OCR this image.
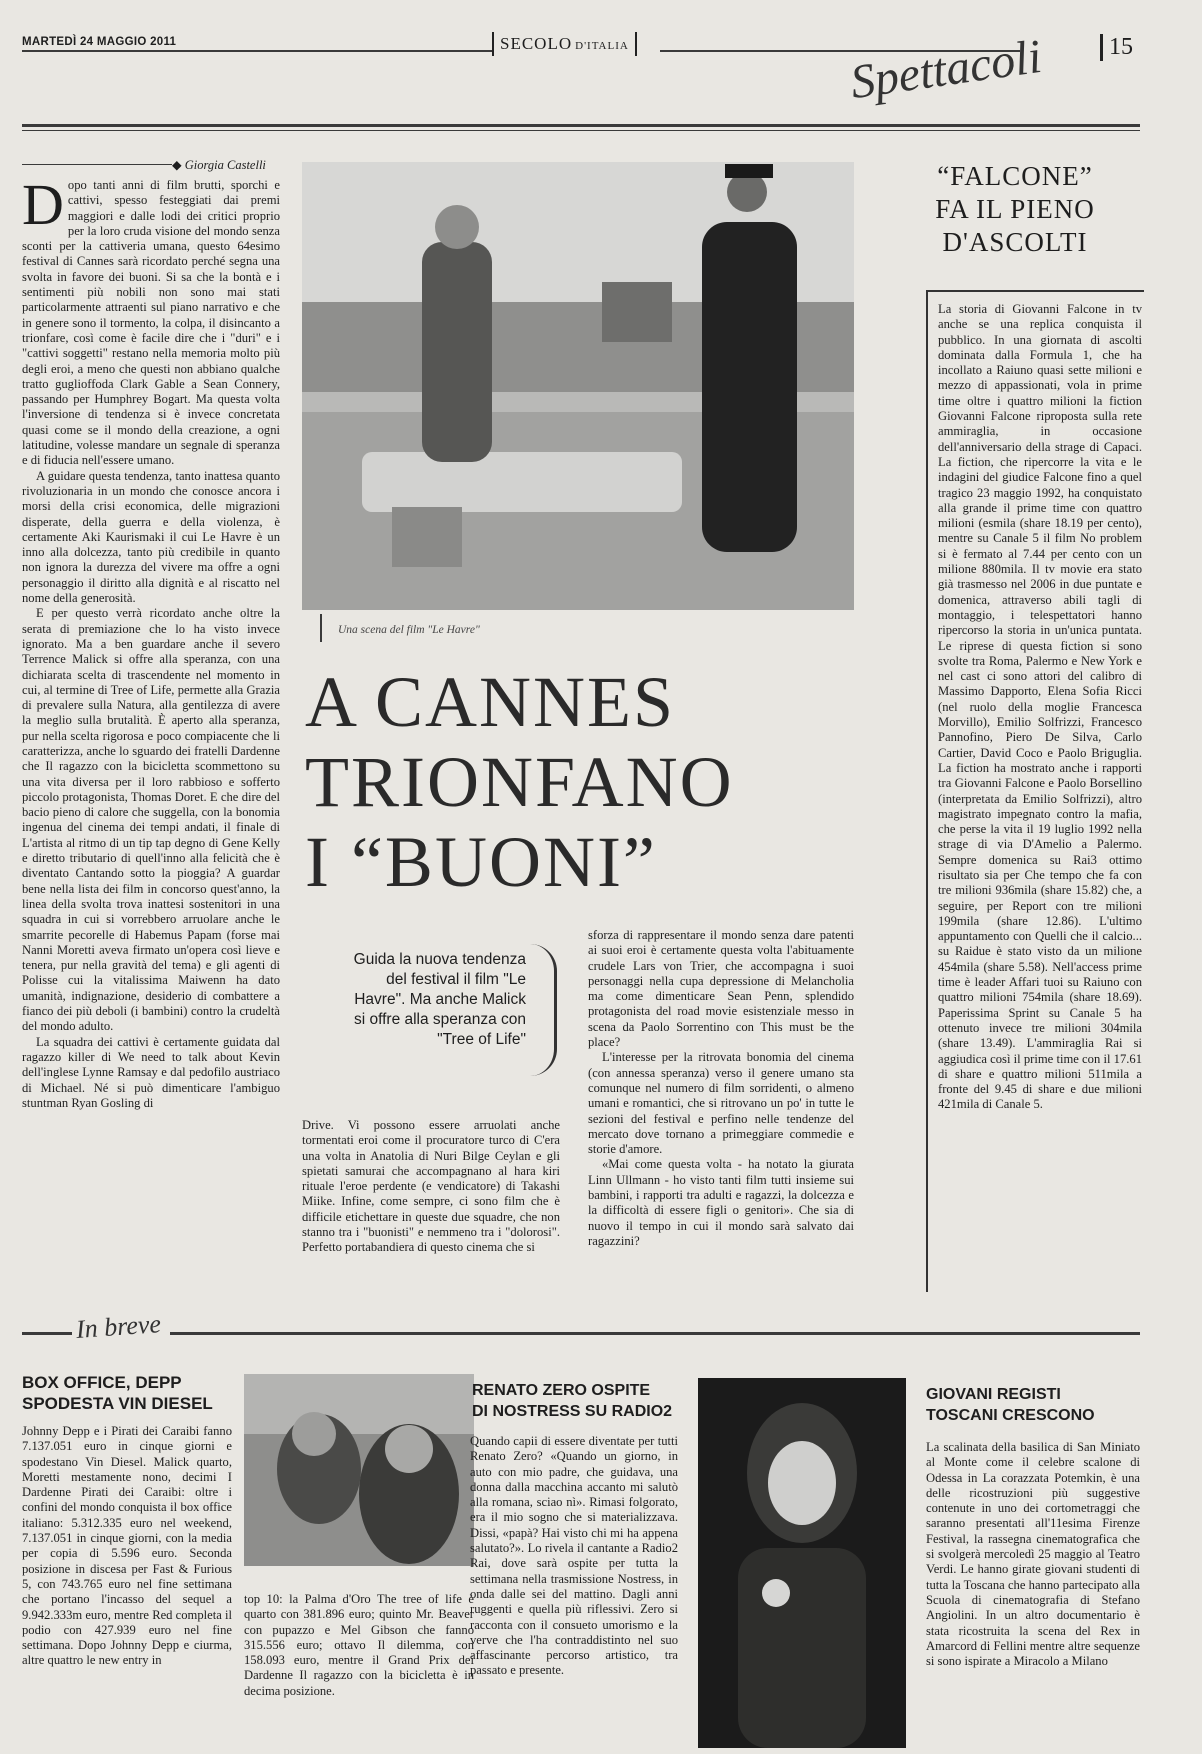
MARTEDÌ 24 MAGGIO 2011	SECOLO D'ITALIA	Spettacoli	15
◆ Giorgia Castelli

Dopo tanti anni di film brutti, sporchi e cattivi, spesso festeggiati dai premi maggiori e dalle lodi dei critici proprio per la loro cruda visione del mondo senza sconti per la cattiveria umana, questo 64esimo festival di Cannes sarà ricordato perché segna una svolta in favore dei buoni. Si sa che la bontà e i sentimenti più nobili non sono mai stati particolarmente attraenti sul piano narrativo e che in genere sono il tormento, la colpa, il disincanto a trionfare, così come è facile dire che i "duri" e i "cattivi soggetti" restano nella memoria molto più degli eroi, a meno che questi non abbiano qualche tratto guglioffoda Clark Gable a Sean Connery, passando per Humphrey Bogart. Ma questa volta l'inversione di tendenza si è invece concretata quasi come se il mondo della creazione, a ogni latitudine, volesse mandare un segnale di speranza e di fiducia nell'essere umano.

A guidare questa tendenza, tanto inattesa quanto rivoluzionaria in un mondo che conosce ancora i morsi della crisi economica, delle migrazioni disperate, della guerra e della violenza, è certamente Aki Kaurismaki il cui Le Havre è un inno alla dolcezza, tanto più credibile in quanto non ignora la durezza del vivere ma offre a ogni personaggio il diritto alla dignità e al riscatto nel nome della generosità.

E per questo verrà ricordato anche oltre la serata di premiazione che lo ha visto invece ignorato. Ma a ben guardare anche il severo Terrence Malick si offre alla speranza, con una dichiarata scelta di trascendente nel momento in cui, al termine di Tree of Life, permette alla Grazia di prevalere sulla Natura, alla gentilezza di avere la meglio sulla brutalità. È aperto alla speranza, pur nella scelta rigorosa e poco compiacente che li caratterizza, anche lo sguardo dei fratelli Dardenne che Il ragazzo con la bicicletta scommettono su una vita diversa per il loro rabbioso e sofferto piccolo protagonista, Thomas Doret. E che dire del bacio pieno di calore che suggella, con la bonomia ingenua del cinema dei tempi andati, il finale di L'artista al ritmo di un tip tap degno di Gene Kelly e diretto tributario di quell'inno alla felicità che è diventato Cantando sotto la pioggia? A guardar bene nella lista dei film in concorso quest'anno, la linea della svolta trova inattesi sostenitori in una squadra in cui si vorrebbero arruolare anche le smarrite pecorelle di Habemus Papam (forse mai Nanni Moretti aveva firmato un'opera così lieve e tenera, pur nella gravità del tema) e gli agenti di Polisse cui la vitalissima Maiwenn ha dato umanità, indignazione, desiderio di combattere a fianco dei più deboli (i bambini) contro la crudeltà del mondo adulto.

La squadra dei cattivi è certamente guidata dal ragazzo killer di We need to talk about Kevin dell'inglese Lynne Ramsay e dal pedofilo austriaco di Michael. Né si può dimenticare l'ambiguo stuntman Ryan Gosling di

Una scena del film "Le Havre"
A CANNES
TRIONFANO
I “BUONI”
Guida la nuova tendenza del festival il film "Le Havre". Ma anche Malick si offre alla speranza con "Tree of Life"

Drive. Vi possono essere arruolati anche tormentati eroi come il procuratore turco di C'era una volta in Anatolia di Nuri Bilge Ceylan e gli spietati samurai che accompagnano al hara kiri rituale l'eroe perdente (e vendicatore) di Takashi Miike. Infine, come sempre, ci sono film che è difficile etichettare in queste due squadre, che non stanno tra i "buonisti" e nemmeno tra i "dolorosi". Perfetto portabandiera di questo cinema che si

sforza di rappresentare il mondo senza dare patenti ai suoi eroi è certamente questa volta l'abituamente crudele Lars von Trier, che accompagna i suoi personaggi nella cupa depressione di Melancholia ma come dimenticare Sean Penn, splendido protagonista del road movie esistenziale messo in scena da Paolo Sorrentino con This must be the place?

L'interesse per la ritrovata bonomia del cinema (con annessa speranza) verso il genere umano sta comunque nel numero di film sorridenti, o almeno umani e romantici, che si ritrovano un po' in tutte le sezioni del festival e perfino nelle tendenze del mercato dove tornano a primeggiare commedie e storie d'amore.

«Mai come questa volta - ha notato la giurata Linn Ullmann - ho visto tanti film tutti insieme sui bambini, i rapporti tra adulti e ragazzi, la dolcezza e la difficoltà di essere figli o genitori». Che sia di nuovo il tempo in cui il mondo sarà salvato dai ragazzini?

“FALCONE”
FA IL PIENO
D'ASCOLTI
La storia di Giovanni Falcone in tv anche se una replica conquista il pubblico. In una giornata di ascolti dominata dalla Formula 1, che ha incollato a Raiuno quasi sette milioni e mezzo di appassionati, vola in prime time oltre i quattro milioni la fiction Giovanni Falcone riproposta sulla rete ammiraglia, in occasione dell'anniversario della strage di Capaci. La fiction, che ripercorre la vita e le indagini del giudice Falcone fino a quel tragico 23 maggio 1992, ha conquistato alla grande il prime time con quattro milioni (esmila (share 18.19 per cento), mentre su Canale 5 il film No problem si è fermato al 7.44 per cento con un milione 880mila. Il tv movie era stato già trasmesso nel 2006 in due puntate e domenica, attraverso abili tagli di montaggio, i telespettatori hanno ripercorso la storia in un'unica puntata. Le riprese di questa fiction si sono svolte tra Roma, Palermo e New York e nel cast ci sono attori del calibro di Massimo Dapporto, Elena Sofia Ricci (nel ruolo della moglie Francesca Morvillo), Emilio Solfrizzi, Francesco Pannofino, Piero De Silva, Carlo Cartier, David Coco e Paolo Briguglia. La fiction ha mostrato anche i rapporti tra Giovanni Falcone e Paolo Borsellino (interpretata da Emilio Solfrizzi), altro magistrato impegnato contro la mafia, che perse la vita il 19 luglio 1992 nella strage di via D'Amelio a Palermo. Sempre domenica su Rai3 ottimo risultato sia per Che tempo che fa con tre milioni 936mila (share 15.82) che, a seguire, per Report con tre milioni 199mila (share 12.86). L'ultimo appuntamento con Quelli che il calcio... su Raidue è stato visto da un milione 454mila (share 5.58). Nell'access prime time è leader Affari tuoi su Raiuno con quattro milioni 754mila (share 18.69). Paperissima Sprint su Canale 5 ha ottenuto invece tre milioni 304mila (share 13.49). L'ammiraglia Rai si aggiudica così il prime time con il 17.61 di share e quattro milioni 511mila a fronte del 9.45 di share e due milioni 421mila di Canale 5.
In breve
BOX OFFICE, DEPP
SPODESTA VIN DIESEL
Johnny Depp e i Pirati dei Caraibi fanno 7.137.051 euro in cinque giorni e spodestano Vin Diesel. Malick quarto, Moretti mestamente nono, decimi I Dardenne Pirati dei Caraibi: oltre i confini del mondo conquista il box office italiano: 5.312.335 euro nel weekend, 7.137.051 in cinque giorni, con la media per copia di 5.596 euro. Seconda posizione in discesa per Fast & Furious 5, con 743.765 euro nel fine settimana che portano l'incasso del sequel a 9.942.333m euro, mentre Red completa il podio con 427.939 euro nel fine settimana. Dopo Johnny Depp e ciurma, altre quattro le new entry in
top 10: la Palma d'Oro The tree of life è quarto con 381.896 euro; quinto Mr. Beaver con pupazzo e Mel Gibson che fanno 315.556 euro; ottavo Il dilemma, con 158.093 euro, mentre il Grand Prix dei Dardenne Il ragazzo con la bicicletta è in decima posizione.
RENATO ZERO OSPITE
DI NOSTRESS SU RADIO2
Quando capii di essere diventate per tutti Renato Zero? «Quando un giorno, in auto con mio padre, che guidava, una donna dalla macchina accanto mi salutò alla romana, sciao nì». Rimasi folgorato, era il mio sogno che si materializzava. Dissi, «papà? Hai visto chi mi ha appena salutato?». Lo rivela il cantante a Radio2 Rai, dove sarà ospite per tutta la settimana nella trasmissione Nostress, in onda dalle sei del mattino. Dagli anni ruggenti e quella più riflessivi. Zero si racconta con il consueto umorismo e la verve che l'ha contraddistinto nel suo affascinante percorso artistico, tra passato e presente.
GIOVANI REGISTI
TOSCANI CRESCONO
La scalinata della basilica di San Miniato al Monte come il celebre scalone di Odessa in La corazzata Potemkin, è una delle ricostruzioni più suggestive contenute in uno dei cortometraggi che saranno presentati all'11esima Firenze Festival, la rassegna cinematografica che si svolgerà mercoledì 25 maggio al Teatro Verdi. Le hanno girate giovani studenti di tutta la Toscana che hanno partecipato alla Scuola di cinematografia di Stefano Angiolini. In un altro documentario è stata ricostruita la scena del Rex in Amarcord di Fellini mentre altre sequenze si sono ispirate a Miracolo a Milano
